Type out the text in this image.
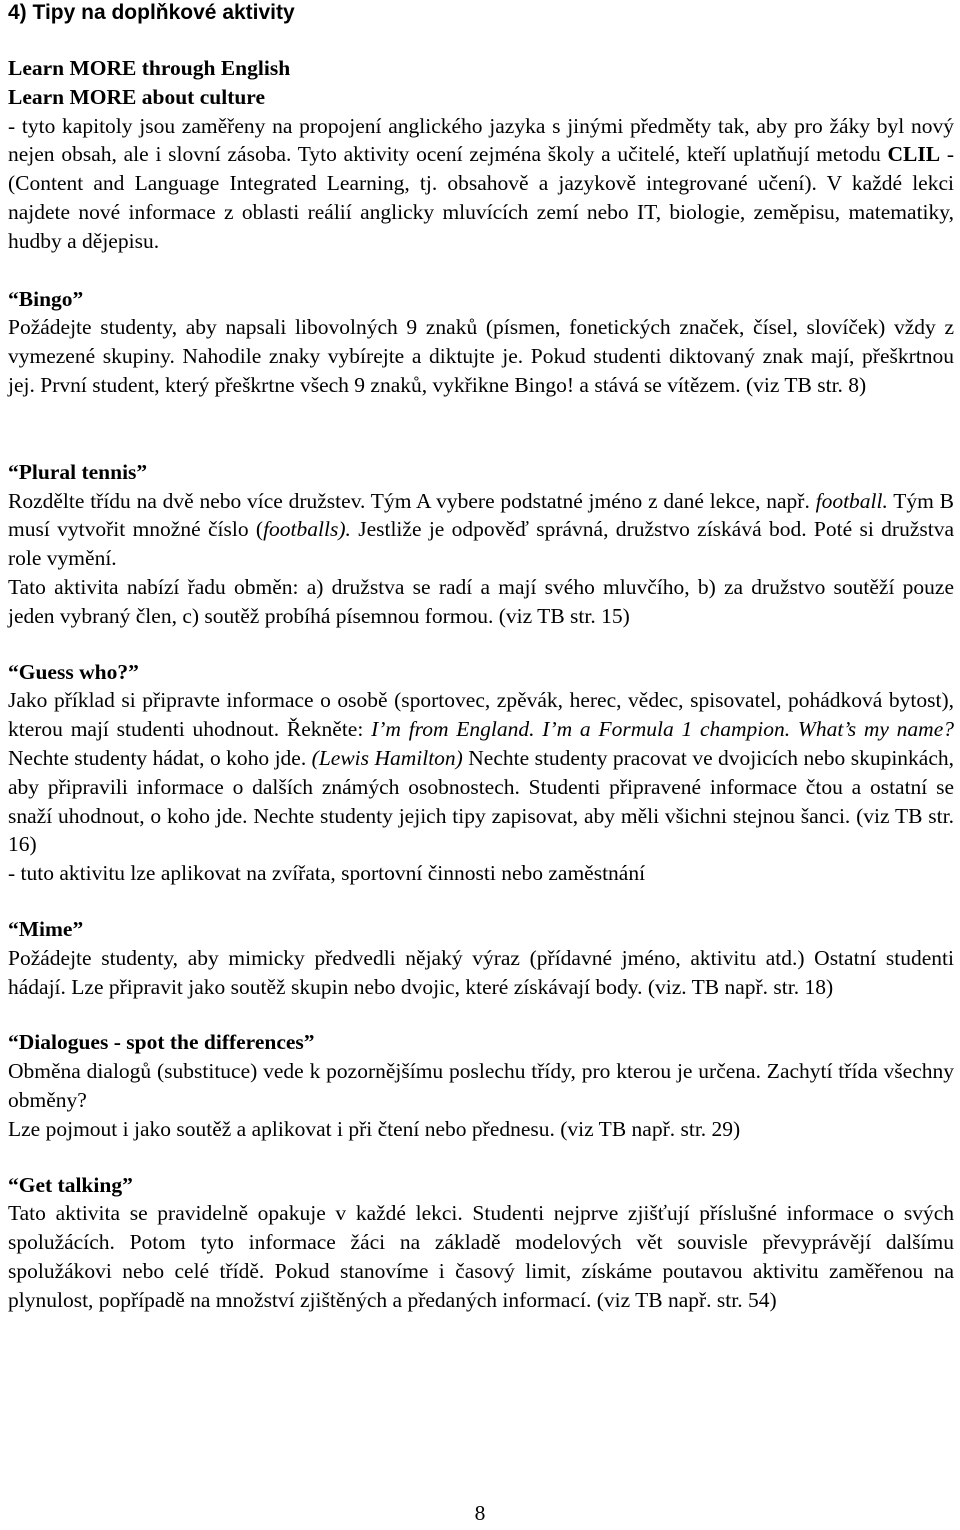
4) Tipy na doplňkové aktivity

Learn MORE through English

Learn MORE about culture

- tyto kapitoly jsou zaměřeny na propojení anglického jazyka s jinými předměty tak, aby pro žáky byl nový nejen obsah, ale i slovní zásoba. Tyto aktivity ocení zejména školy a učitelé, kteří uplatňují metodu CLIL - (Content and Language Integrated Learning, tj. obsahově a jazykově integrované učení). V každé lekci najdete nové informace z oblasti reálií anglicky mluvících zemí nebo IT, biologie, zeměpisu, matematiky, hudby a dějepisu.

“Bingo”
Požádejte studenty, aby napsali libovolných 9 znaků (písmen, fonetických značek, čísel, slovíček) vždy z vymezené skupiny. Nahodile znaky vybírejte a diktujte je. Pokud studenti diktovaný znak mají, přeškrtnou jej. První student, který přeškrtne všech 9 znaků, vykřikne Bingo! a stává se vítězem. (viz TB str. 8)

“Plural tennis”
Rozdělte třídu na dvě nebo více družstev. Tým A vybere podstatné jméno z dané lekce, např. football. Tým B musí vytvořit množné číslo (footballs). Jestliže je odpověď správná, družstvo získává bod. Poté si družstva role vymění.

Tato aktivita nabízí řadu obměn: a) družstva se radí a mají svého mluvčího, b) za družstvo soutěží pouze jeden vybraný člen, c) soutěž probíhá písemnou formou. (viz TB str. 15)

“Guess who?”
Jako příklad si připravte informace o osobě (sportovec, zpěvák, herec, vědec, spisovatel, pohádková bytost), kterou mají studenti uhodnout. Řekněte: I’m from England. I’m a Formula 1 champion. What’s my name? Nechte studenty hádat, o koho jde. (Lewis Hamilton) Nechte studenty pracovat ve dvojicích nebo skupinkách, aby připravili informace o dalších známých osobnostech. Studenti připravené informace čtou a ostatní se snaží uhodnout, o koho jde. Nechte studenty jejich tipy zapisovat, aby měli všichni stejnou šanci. (viz TB str. 16)

- tuto aktivitu lze aplikovat na zvířata, sportovní činnosti nebo zaměstnání

“Mime”
Požádejte studenty, aby mimicky předvedli nějaký výraz (přídavné jméno, aktivitu atd.) Ostatní studenti hádají. Lze připravit jako soutěž skupin nebo dvojic, které získávají body. (viz. TB např. str. 18)

“Dialogues - spot the differences”
Obměna dialogů (substituce) vede k pozornějšímu poslechu třídy, pro kterou je určena. Zachytí třída všechny obměny?

Lze pojmout i jako soutěž a aplikovat i při čtení nebo přednesu. (viz TB např. str. 29)

“Get talking”
Tato aktivita se pravidelně opakuje v každé lekci. Studenti nejprve zjišťují příslušné informace o svých spolužácích. Potom tyto informace žáci na základě modelových vět souvisle převyprávějí dalšímu spolužákovi nebo celé třídě. Pokud stanovíme i časový limit, získáme poutavou aktivitu zaměřenou na plynulost, popřípadě na množství zjištěných a předaných informací. (viz TB např. str. 54)

8
